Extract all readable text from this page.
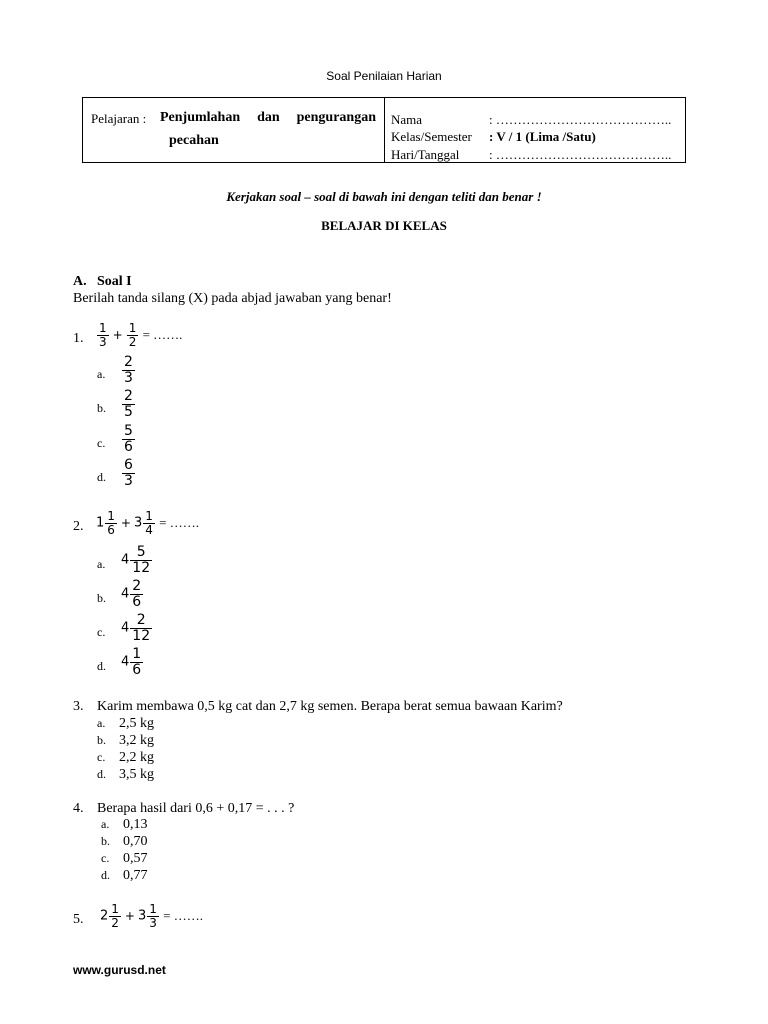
Soal Penilaian Harian
Pelajaran : Penjumlahan dan pengurangan
pecahan
Nama	: …………………………………..
Kelas/Semester : V / 1 (Lima /Satu)
Hari/Tanggal : …………………………………..
Kerjakan soal – soal di bawah ini dengan teliti dan benar !
BELAJAR DI KELAS
A. Soal I
Berilah tanda silang (X) pada abjad jawaban yang benar!
1. $\frac{1}{3} + \frac{1}{2}$ = …….
a. $\frac{2}{3}$
b. $\frac{2}{5}$
c. $\frac{5}{6}$
d. $\frac{6}{3}$
2. $1 \frac{1}{6} + 3 \frac{1}{4}$ = …….
a. $4 \frac{5}{12}$
b. $4 \frac{2}{6}$
c. $4 \frac{2}{12}$
d. $4 \frac{1}{6}$
3. Karim membawa 0,5 kg cat dan 2,7 kg semen. Berapa berat semua bawaan Karim?
a. 2,5 kg
b. 3,2 kg
c. 2,2 kg
d. 3,5 kg
4. Berapa hasil dari 0,6 + 0,17 = . . . ?
a. 0,13
b. 0,70
c. 0,57
d. 0,77
5. $2 \frac{1}{2} + 3 \frac{1}{3}$ = …….
www.gurusd.net
